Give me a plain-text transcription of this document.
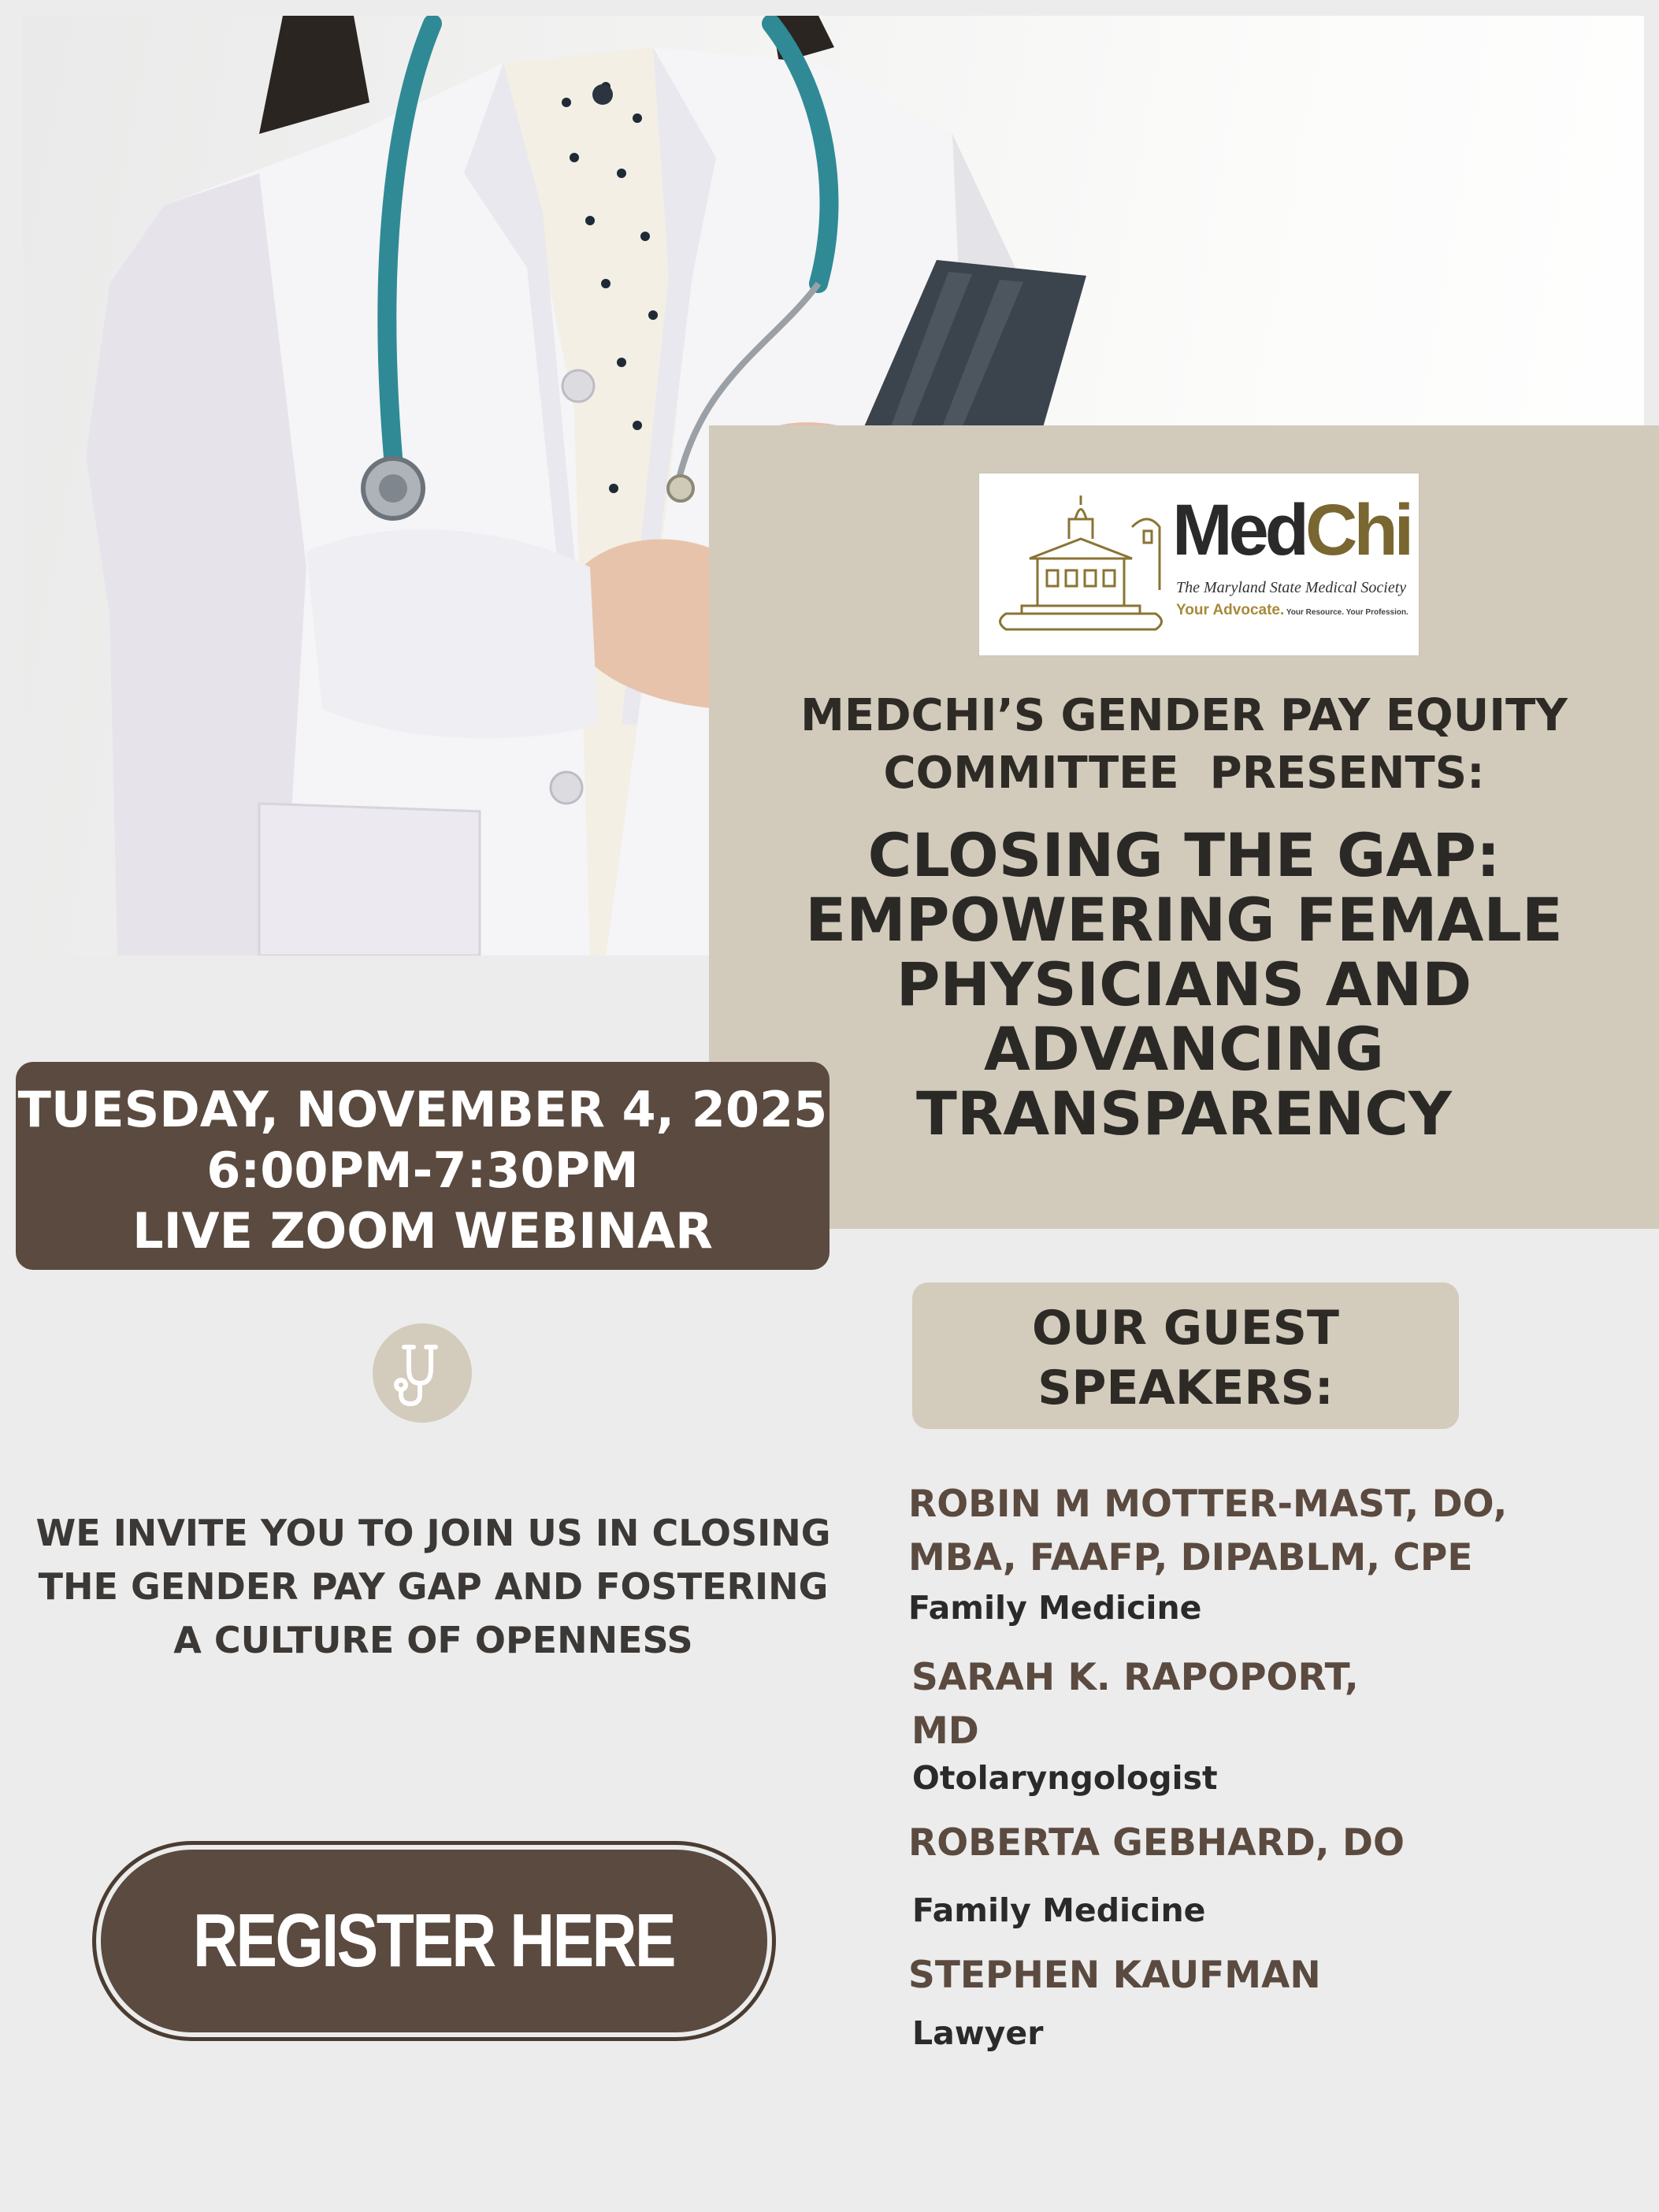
MedChi
The Maryland State Medical Society
Your Advocate. Your Resource. Your Profession.
MEDCHI’S GENDER PAY EQUITY
COMMITTEE  PRESENTS:
CLOSING THE GAP:
EMPOWERING FEMALE
PHYSICIANS AND
ADVANCING
TRANSPARENCY
TUESDAY, NOVEMBER 4, 2025
6:00PM-7:30PM
LIVE ZOOM WEBINAR
WE INVITE YOU TO JOIN US IN CLOSING
THE GENDER PAY GAP AND FOSTERING
A CULTURE OF OPENNESS
REGISTER HERE
OUR GUEST
SPEAKERS:
ROBIN M MOTTER-MAST, DO,
MBA, FAAFP, DIPABLM, CPE
Family Medicine
SARAH K. RAPOPORT,
MD
Otolaryngologist
ROBERTA GEBHARD, DO
Family Medicine
STEPHEN KAUFMAN
Lawyer
